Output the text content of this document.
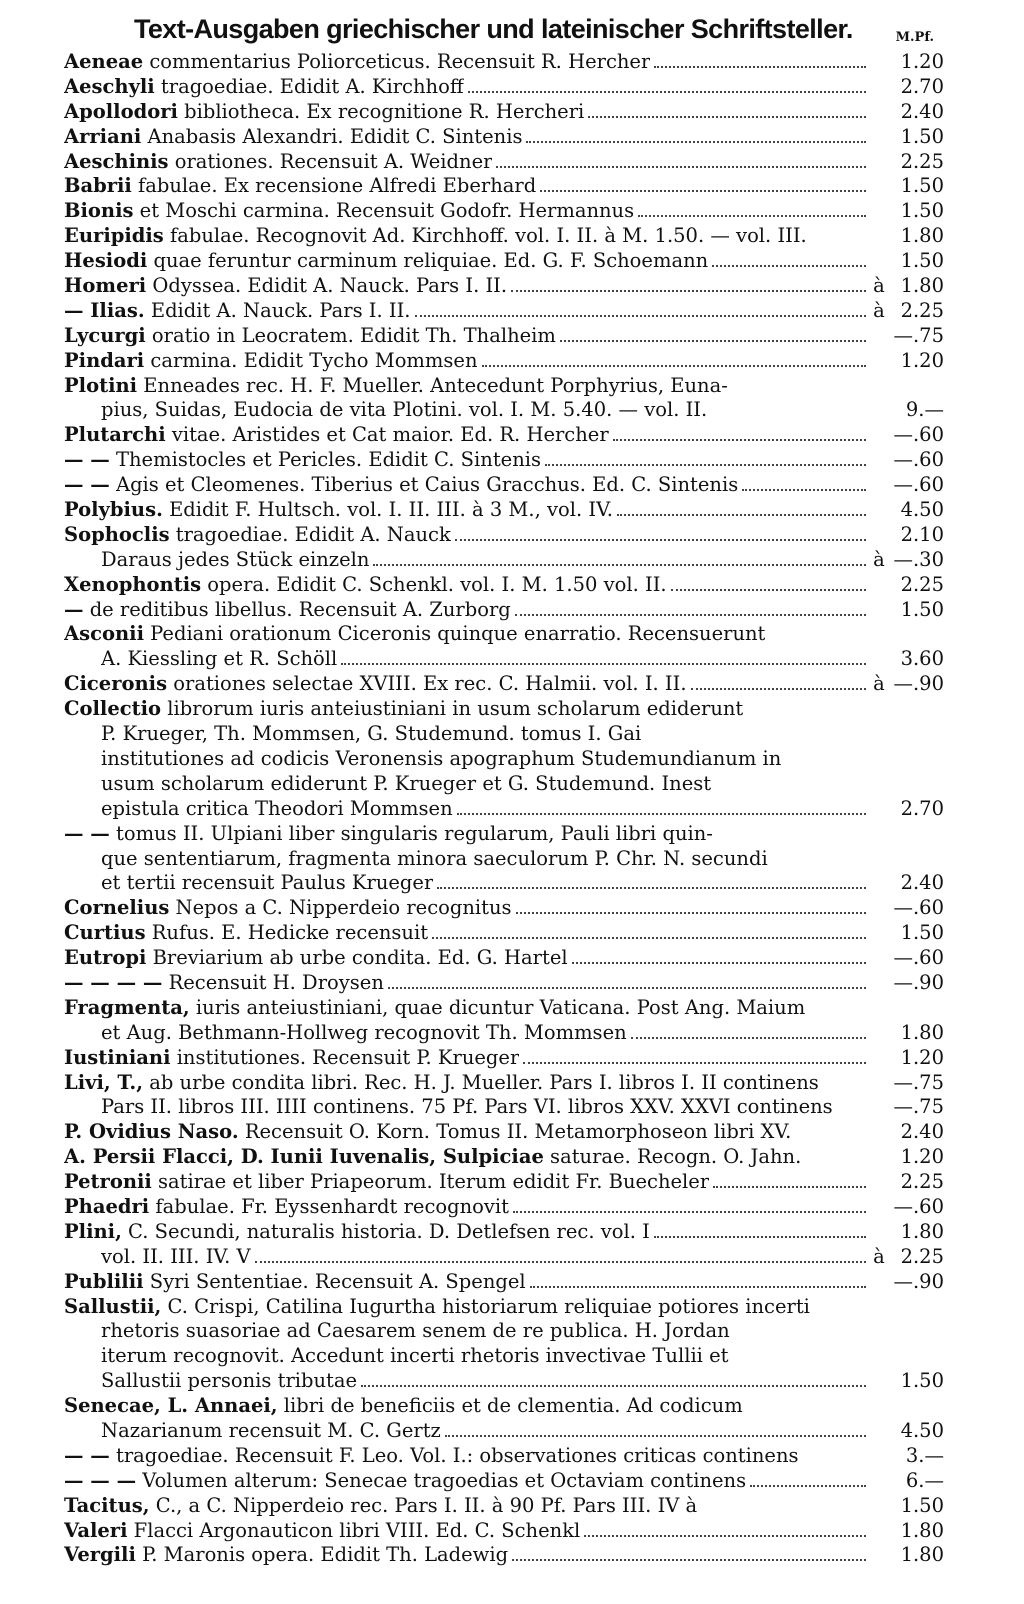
Text-Ausgaben griechischer und lateinischer Schriftsteller.	M.Pf.
Aeneae commentarius Poliorceticus. Recensuit R. Hercher	1.20
Aeschyli tragoediae. Edidit A. Kirchhoff	2.70
Apollodori bibliotheca. Ex recognitione R. Hercheri	2.40
Arriani Anabasis Alexandri. Edidit C. Sintenis	1.50
Aeschinis orationes. Recensuit A. Weidner	2.25
Babrii fabulae. Ex recensione Alfredi Eberhard	1.50
Bionis et Moschi carmina. Recensuit Godofr. Hermannus	1.50
Euripidis fabulae. Recognovit Ad. Kirchhoff. vol. I. II. à M. 1.50. — vol. III.	1.80
Hesiodi quae feruntur carminum reliquiae. Ed. G. F. Schoemann	1.50
Homeri Odyssea. Edidit A. Nauck. Pars I. II.	à 1.80
— Ilias. Edidit A. Nauck. Pars I. II.	à 2.25
Lycurgi oratio in Leocratem. Edidit Th. Thalheim	—.75
Pindari carmina. Edidit Tycho Mommsen	1.20
Plotini Enneades rec. H. F. Mueller. Antecedunt Porphyrius, Euna-
pius, Suidas, Eudocia de vita Plotini. vol. I. M. 5.40. — vol. II.	9.—
Plutarchi vitae. Aristides et Cat maior. Ed. R. Hercher	—.60
— — Themistocles et Pericles. Edidit C. Sintenis	—.60
— — Agis et Cleomenes. Tiberius et Caius Gracchus. Ed. C. Sintenis	—.60
Polybius. Edidit F. Hultsch. vol. I. II. III. à 3 M., vol. IV.	4.50
Sophoclis tragoediae. Edidit A. Nauck	2.10
Daraus jedes Stück einzeln	à —.30
Xenophontis opera. Edidit C. Schenkl. vol. I. M. 1.50 vol. II.	2.25
— de reditibus libellus. Recensuit A. Zurborg	1.50
Asconii Pediani orationum Ciceronis quinque enarratio. Recensuerunt
A. Kiessling et R. Schöll	3.60
Ciceronis orationes selectae XVIII. Ex rec. C. Halmii. vol. I. II.	à —.90
Collectio librorum iuris anteiustiniani in usum scholarum ediderunt
P. Krueger, Th. Mommsen, G. Studemund. tomus I. Gai
institutiones ad codicis Veronensis apographum Studemundianum in
usum scholarum ediderunt P. Krueger et G. Studemund. Inest
epistula critica Theodori Mommsen	2.70
— — tomus II. Ulpiani liber singularis regularum, Pauli libri quin-
que sententiarum, fragmenta minora saeculorum P. Chr. N. secundi
et tertii recensuit Paulus Krueger	2.40
Cornelius Nepos a C. Nipperdeio recognitus	—.60
Curtius Rufus. E. Hedicke recensuit	1.50
Eutropi Breviarium ab urbe condita. Ed. G. Hartel	—.60
— — — — Recensuit H. Droysen	—.90
Fragmenta, iuris anteiustiniani, quae dicuntur Vaticana. Post Ang. Maium
et Aug. Bethmann-Hollweg recognovit Th. Mommsen	1.80
Iustiniani institutiones. Recensuit P. Krueger	1.20
Livi, T., ab urbe condita libri. Rec. H. J. Mueller. Pars I. libros I. II continens	—.75
Pars II. libros III. IIII continens. 75 Pf. Pars VI. libros XXV. XXVI continens	—.75
P. Ovidius Naso. Recensuit O. Korn. Tomus II. Metamorphoseon libri XV.	2.40
A. Persii Flacci, D. Iunii Iuvenalis, Sulpiciae saturae. Recogn. O. Jahn.	1.20
Petronii satirae et liber Priapeorum. Iterum edidit Fr. Buecheler	2.25
Phaedri fabulae. Fr. Eyssenhardt recognovit	—.60
Plini, C. Secundi, naturalis historia. D. Detlefsen rec. vol. I	1.80
vol. II. III. IV. V	à 2.25
Publilii Syri Sententiae. Recensuit A. Spengel	—.90
Sallustii, C. Crispi, Catilina Iugurtha historiarum reliquiae potiores incerti
rhetoris suasoriae ad Caesarem senem de re publica. H. Jordan
iterum recognovit. Accedunt incerti rhetoris invectivae Tullii et
Sallustii personis tributae	1.50
Senecae, L. Annaei, libri de beneficiis et de clementia. Ad codicum
Nazarianum recensuit M. C. Gertz	4.50
— — tragoediae. Recensuit F. Leo. Vol. I.: observationes criticas continens	3.—
— — — Volumen alterum: Senecae tragoedias et Octaviam continens	6.—
Tacitus, C., a C. Nipperdeio rec. Pars I. II. à 90 Pf. Pars III. IV à	1.50
Valeri Flacci Argonauticon libri VIII. Ed. C. Schenkl	1.80
Vergili P. Maronis opera. Edidit Th. Ladewig	1.80
